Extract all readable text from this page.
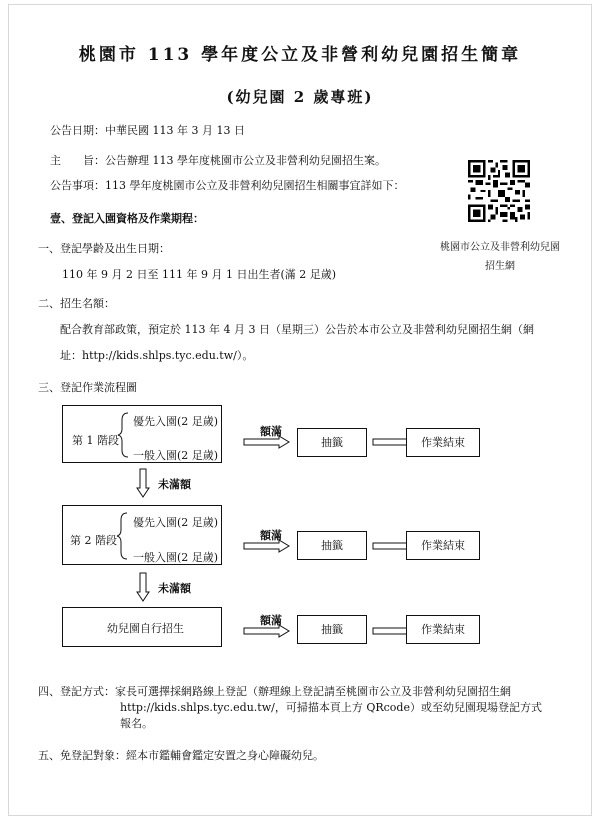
桃園市 113 學年度公立及非營利幼兒園招生簡章
(幼兒園 2 歲專班)
公告日期：中華民國 113 年 3 月 13 日
主　　旨：公告辦理 113 學年度桃園市公立及非營利幼兒園招生案。
公告事項：113 學年度桃園市公立及非營利幼兒園招生相關事宜詳如下：
桃園市公立及非營利幼兒園
招生網
壹、登記入園資格及作業期程：
一、登記學齡及出生日期：
110 年 9 月 2 日至 111 年 9 月 1 日出生者(滿 2 足歲)
二、招生名額：
配合教育部政策，預定於 113 年 4 月 3 日（星期三）公告於本市公立及非營利幼兒園招生網（網
址：http://kids.shlps.tyc.edu.tw/）。
三、登記作業流程圖
第 1 階段
優先入園(2 足歲)
一般入園(2 足歲)
額滿
抽籤	作業結束
未滿額
第 2 階段
優先入園(2 足歲)
一般入園(2 足歲)
額滿
抽籤	作業結束
未滿額
幼兒園自行招生
額滿
抽籤	作業結束
四、登記方式：家長可選擇採網路線上登記（辦理線上登記請至桃園市公立及非營利幼兒園招生網
http://kids.shlps.tyc.edu.tw/，可掃描本頁上方 QRcode）或至幼兒園現場登記方式
報名。
五、免登記對象：經本市鑑輔會鑑定安置之身心障礙幼兒。
